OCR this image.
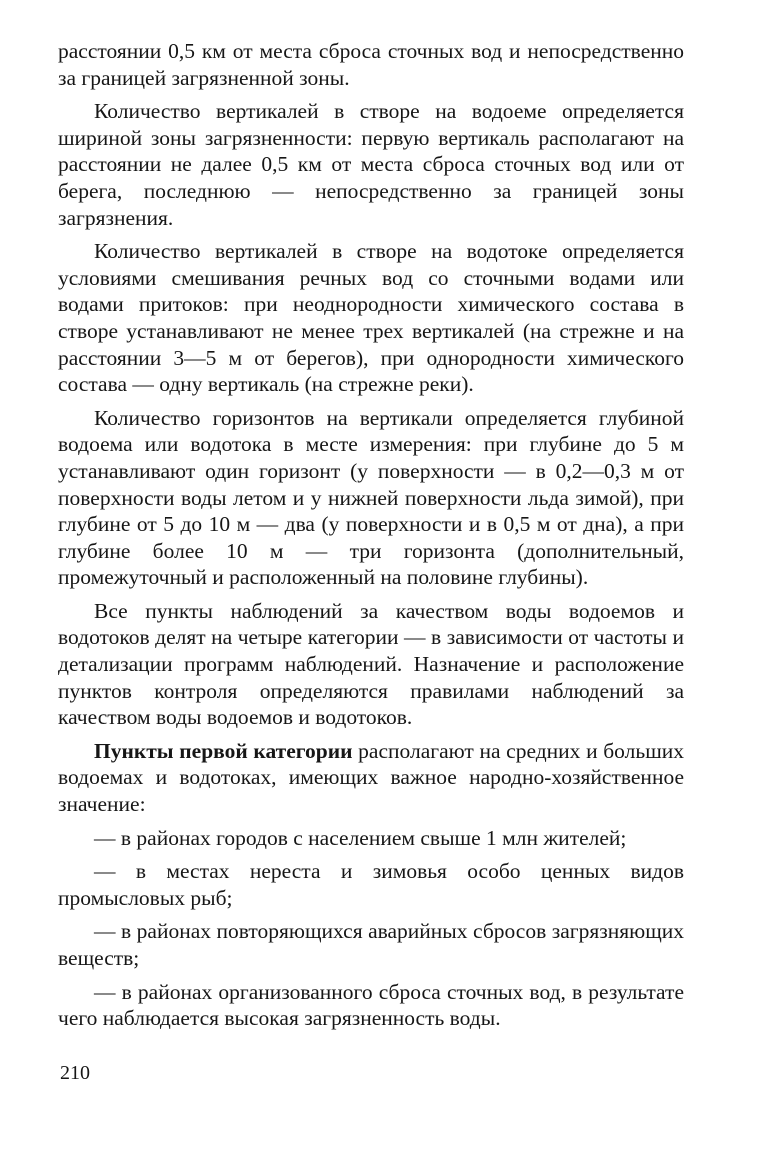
расстоянии 0,5 км от места сброса сточных вод и непосредственно за границей загрязненной зоны.

Количество вертикалей в створе на водоеме определяется шириной зоны загрязненности: первую вертикаль располагают на расстоянии не далее 0,5 км от места сброса сточных вод или от берега, последнюю — непосредственно за границей зоны загрязнения.

Количество вертикалей в створе на водотоке определяется условиями смешивания речных вод со сточными водами или водами притоков: при неоднородности химического состава в створе устанавливают не менее трех вертикалей (на стрежне и на расстоянии 3—5 м от берегов), при однородности химического состава — одну вертикаль (на стрежне реки).

Количество горизонтов на вертикали определяется глубиной водоема или водотока в месте измерения: при глубине до 5 м устанавливают один горизонт (у поверхности — в 0,2—0,3 м от поверхности воды летом и у нижней поверхности льда зимой), при глубине от 5 до 10 м — два (у поверхности и в 0,5 м от дна), а при глубине более 10 м — три горизонта (дополнительный, промежуточный и расположенный на половине глубины).

Все пункты наблюдений за качеством воды водоемов и водотоков делят на четыре категории — в зависимости от частоты и детализации программ наблюдений. Назначение и расположение пунктов контроля определяются правилами наблюдений за качеством воды водоемов и водотоков.

Пункты первой категории располагают на средних и больших водоемах и водотоках, имеющих важное народно-хозяйственное значение:

— в районах городов с населением свыше 1 млн жителей;

— в местах нереста и зимовья особо ценных видов промысловых рыб;

— в районах повторяющихся аварийных сбросов загрязняющих веществ;

— в районах организованного сброса сточных вод, в результате чего наблюдается высокая загрязненность воды.

210
